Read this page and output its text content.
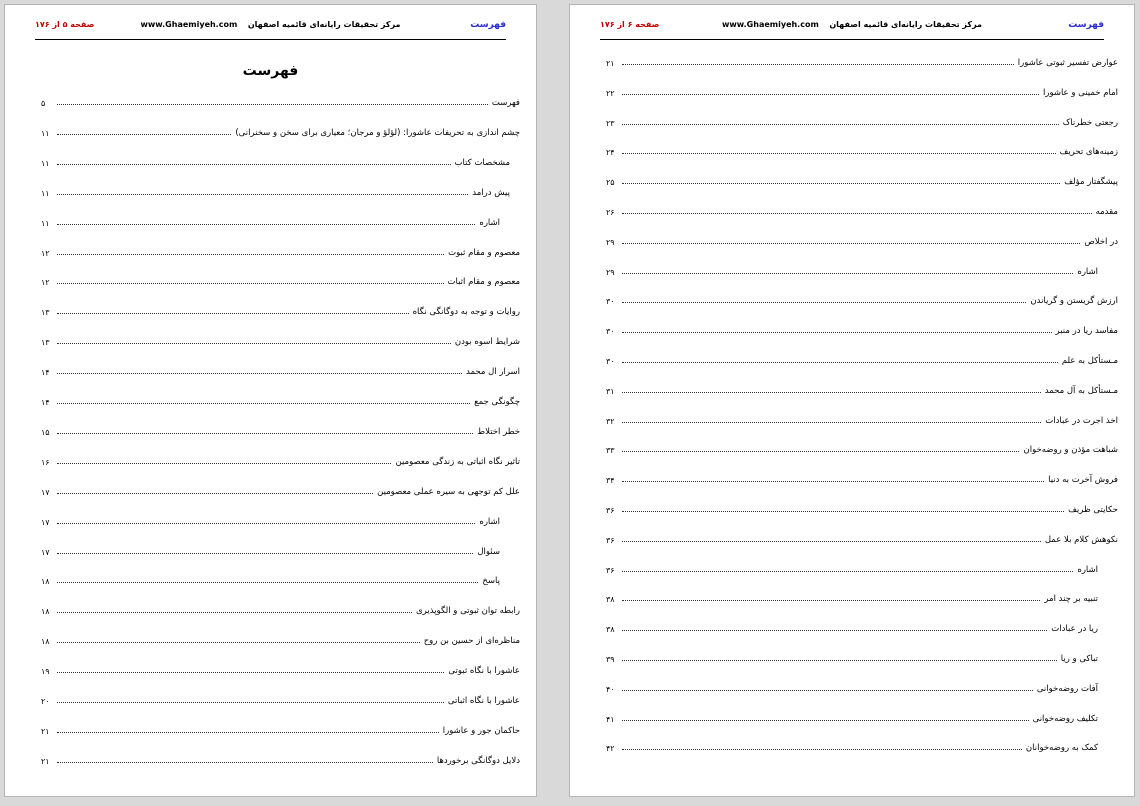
فهرست
www.Ghaemiyeh.com مرکز تحقیقات رایانه‌ای قائمیه اصفهان
صفحه ۵ از ۱۷۶
فهرست
فهرست
۵
چشم اندازی به تحریفات عاشورا: (لؤلؤ و مرجان؛ معیاری برای سخن و سخنرانی)
۱۱
مشخصات کتاب
۱۱
پیش درامد
۱۱
اشاره
۱۱
معصوم و مقام ثبوت
۱۲
معصوم و مقام اثبات
۱۲
روایات و توجه به دوگانگی نگاه
۱۳
شرایط اسوه بودن
۱۳
اسرار ال محمد
۱۴
چگونگی جمع
۱۴
خطر اختلاط
۱۵
تاثیر نگاه اثباتی به زندگی معصومین
۱۶
علل کم توجهی به سیره عملی معصومین
۱۷
اشاره
۱۷
سئوال
۱۷
پاسخ
۱۸
رابطه توان ثبوتی و الگوپذیری
۱۸
مناظره‌ای از حسین بن روح
۱۸
عاشورا با نگاه ثبوتی
۱۹
عاشورا با نگاه اثباتی
۲۰
حاکمان جور و عاشورا
۲۱
دلایل دوگانگی برخوردها
۲۱
فهرست
www.Ghaemiyeh.com مرکز تحقیقات رایانه‌ای قائمیه اصفهان
صفحه ۶ از ۱۷۶
عوارض تفسیر ثبوتی عاشورا
۲۱
امام خمینی و عاشورا
۲۲
رجعتی خطرناک
۲۳
زمینه‌های تحریف
۲۴
پیشگفتار مؤلف
۲۵
مقدمه
۲۶
در اخلاص
۲۹
اشاره
۲۹
ارزش گریستن و گریاندن
۳۰
مفاسد ریا در منبر
۳۰
مـستأکل به علم
۳۰
مـستأکل به آل محمد
۳۱
اخذ اجرت در عبادات
۳۲
شباهت مؤذن و روضه‌خوان
۳۳
فروش آخرت به دنیا
۳۴
حکایتی ظریف
۳۶
نکوهش کلام بلا عمل
۳۶
اشاره
۳۶
تنبیه بر چند امر
۳۸
ریا در عبادات
۳۸
تباکی و ریا
۳۹
آفات روضه‌خوانی
۴۰
تکلیف روضه‌خوانی
۴۱
کمک به روضه‌خوانان
۴۲
